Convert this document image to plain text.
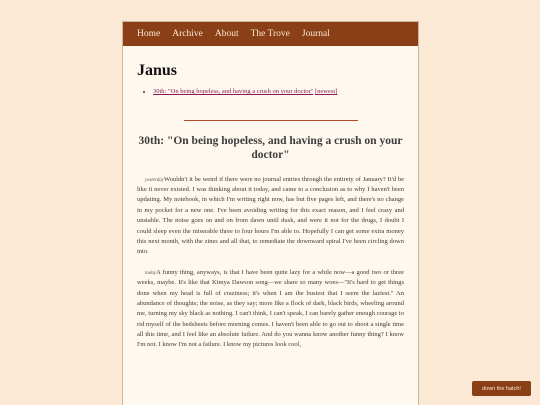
Home Archive About The Trove Journal
Janus
• 30th: "On being hopeless, and having a crush on your doctor" [newest]
30th: "On being hopeless, and having a crush on your doctor"

yesterdayWouldn't it be weird if there were no journal entries through the entirety of January? It'd be like it never existed. I was thinking about it today, and came to a conclusion as to why I haven't been updating. My notebook, in which I'm writing right now, has but five pages left, and there's no change in my pocket for a new one. I've been avoiding writing for this exact reason, and I feel crazy and unstable. The noise goes on and on from dawn until dusk, and were it not for the drugs, I doubt I could sleep even the miserable three to four hours I'm able to. Hopefully I can get some extra money this next month, with the zines and all that, to remediate the downward spiral I've been circling down into.

todayA funny thing, anyways, is that I have been quite lazy for a while now—a good two or three weeks, maybe. It's like that Kimya Dawson song—we share so many woes—"It's hard to get things done when my head is full of craziness; it's when I am the busiest that I seem the laziest." An abundance of thoughts; the noise, as they say; more like a flock of dark, black birds, wheeling around me, turning my sky black as nothing. I can't think, I can't speak, I can barely gather enough courage to rid myself of the bedsheets before morning comes. I haven't been able to go out to shoot a single time all this time, and I feel like an absolute failure. And do you wanna know another funny thing? I know I'm not. I know I'm not a failure. I know my pictures look cool,

down the hatch!
